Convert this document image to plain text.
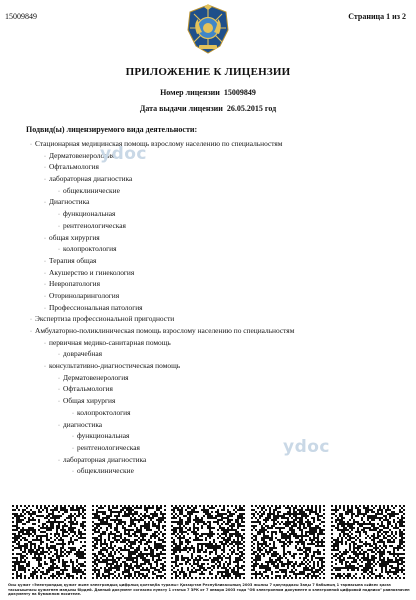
15009849	Страница 1 из 2
ПРИЛОЖЕНИЕ К ЛИЦЕНЗИИ
Номер лицензии 15009849
Дата выдачи лицензии 26.05.2015 год
Подвид(ы) лицензируемого вида деятельности:
· Стационарная медицинская помощь взрослому населению по специальностям
· Дерматовенерология
· Офтальмология
· лабораторная диагностика
· общеклинические
· Диагностика
· функциональная
· рентгенологическая
· общая хирургия
· колопроктология
· Терапия общая
· Акушерство и гинекология
· Невропатология
· Оториноларингология
· Профессиональная патология
· Экспертиза профессиональной пригодности
· Амбулаторно-поликлиническая помощь взрослому населению по специальностям
· первичная медико-санитарная помощь
· доврачебная
· консультативно-диагностическая помощь
· Дерматовенерология
· Офтальмология
· Общая хирургия
· колопроктология
· диагностика
· функциональная
· рентгенологическая
· лабораторная диагностика
· общеклинические
ydoc
ydoc
Осы құжат «Электрондық құжат және электрондық цифрлық қолтаңба туралы» Қазақстан Республикасының 2003 жылғы 7 қаңтардағы Заңы 7 бабының 1 тармағына сәйкес қағаз тасығыштағы құжатпен маңызы бірдей. Данный документ согласно пункту 1 статьи 7 ЗРК от 7 января 2003 года "Об электронном документе и электронной цифровой подписи" равнозначен документу на бумажном носителе.
